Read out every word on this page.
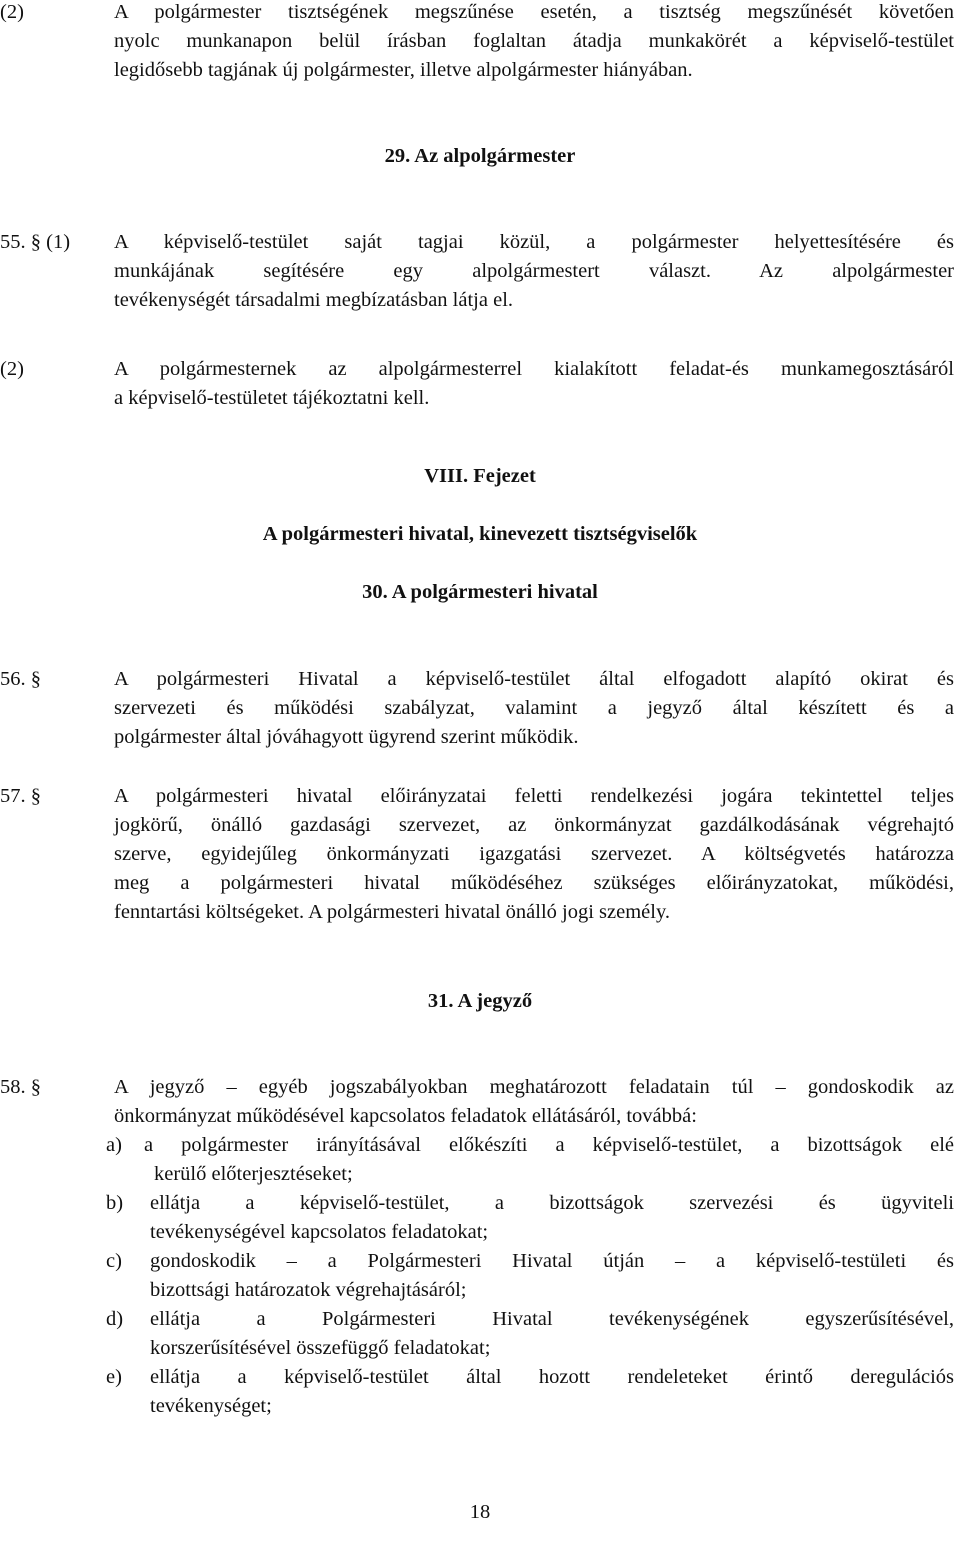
(2)	A polgármester tisztségének megszűnése esetén, a tisztség megszűnését követően
nyolc munkanapon belül írásban foglaltan átadja munkakörét a képviselő-testület
legidősebb tagjának új polgármester, illetve alpolgármester hiányában.
29. Az alpolgármester
55. § (1) A képviselő-testület saját tagjai közül, a polgármester helyettesítésére és
munkájának segítésére egy alpolgármestert választ. Az alpolgármester
tevékenységét társadalmi megbízatásban látja el.
(2)	A polgármesternek az alpolgármesterrel kialakított feladat-és munkamegosztásáról
a képviselő-testületet tájékoztatni kell.
VIII. Fejezet
A polgármesteri hivatal, kinevezett tisztségviselők
30. A polgármesteri hivatal
56. §	A polgármesteri Hivatal a képviselő-testület által elfogadott alapító okirat és
szervezeti és működési szabályzat, valamint a jegyző által készített és a
polgármester által jóváhagyott ügyrend szerint működik.
57. §	A polgármesteri hivatal előirányzatai feletti rendelkezési jogára tekintettel teljes
jogkörű, önálló gazdasági szervezet, az önkormányzat gazdálkodásának végrehajtó
szerve, egyidejűleg önkormányzati igazgatási szervezet. A költségvetés határozza
meg a polgármesteri hivatal működéséhez szükséges előirányzatokat, működési,
fenntartási költségeket. A polgármesteri hivatal önálló jogi személy.
31. A jegyző
58. §	A jegyző – egyéb jogszabályokban meghatározott feladatain túl – gondoskodik az
önkormányzat működésével kapcsolatos feladatok ellátásáról, továbbá:
a) a polgármester irányításával előkészíti a képviselő-testület, a bizottságok elé
kerülő előterjesztéseket;
b) ellátja a képviselő-testület, a bizottságok szervezési és ügyviteli
tevékenységével kapcsolatos feladatokat;
c) gondoskodik – a Polgármesteri Hivatal útján – a képviselő-testületi és
bizottsági határozatok végrehajtásáról;
d) ellátja a Polgármesteri Hivatal tevékenységének egyszerűsítésével,
korszerűsítésével összefüggő feladatokat;
e) ellátja a képviselő-testület által hozott rendeleteket érintő deregulációs
tevékenységet;
18
